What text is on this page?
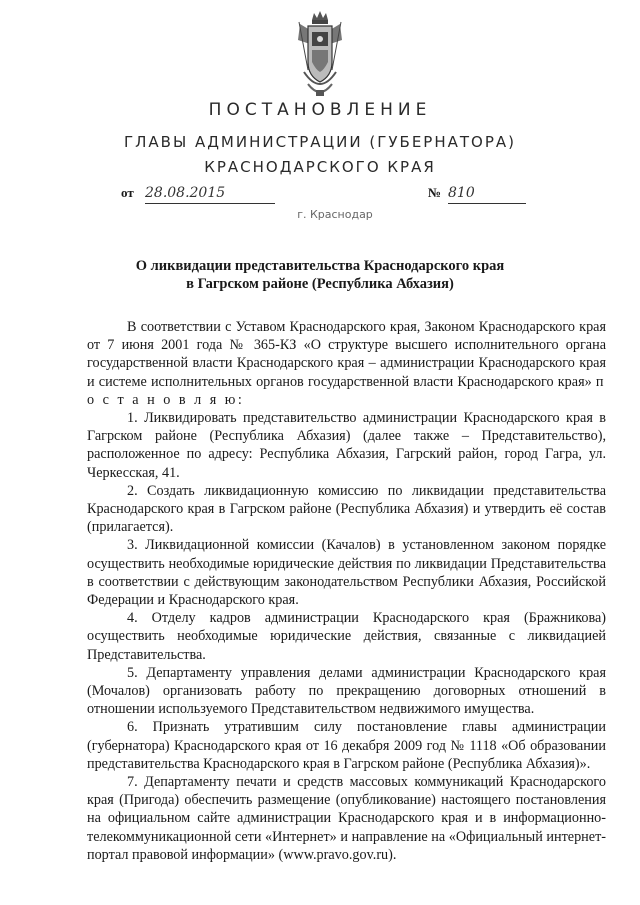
ПОСТАНОВЛЕНИЕ
ГЛАВЫ АДМИНИСТРАЦИИ (ГУБЕРНАТОРА)
КРАСНОДАРСКОГО КРАЯ
от 28.08.2015	№ 810
г. Краснодар
О ликвидации представительства Краснодарского края
в Гагрском районе (Республика Абхазия)

В соответствии с Уставом Краснодарского края, Законом Краснодарского края от 7 июня 2001 года № 365-КЗ «О структуре высшего исполнительного органа государственной власти Краснодарского края – администрации Краснодарского края и системе исполнительных органов государственной власти Краснодарского края» п о с т а н о в л я ю:

1. Ликвидировать представительство администрации Краснодарского края в Гагрском районе (Республика Абхазия) (далее также – Представительство), расположенное по адресу: Республика Абхазия, Гагрский район, город Гагра, ул. Черкесская, 41.

2. Создать ликвидационную комиссию по ликвидации представительства Краснодарского края в Гагрском районе (Республика Абхазия) и утвердить её состав (прилагается).

3. Ликвидационной комиссии (Качалов) в установленном законом порядке осуществить необходимые юридические действия по ликвидации Представительства в соответствии с действующим законодательством Республики Абхазия, Российской Федерации и Краснодарского края.

4. Отделу кадров администрации Краснодарского края (Бражникова) осуществить необходимые юридические действия, связанные с ликвидацией Представительства.

5. Департаменту управления делами администрации Краснодарского края (Мочалов) организовать работу по прекращению договорных отношений в отношении используемого Представительством недвижимого имущества.

6. Признать утратившим силу постановление главы администрации (губернатора) Краснодарского края от 16 декабря 2009 год № 1118 «Об образовании представительства Краснодарского края в Гагрском районе (Республика Абхазия)».

7. Департаменту печати и средств массовых коммуникаций Краснодарского края (Пригода) обеспечить размещение (опубликование) настоящего постановления на официальном сайте администрации Краснодарского края и в информационно-телекоммуникационной сети «Интернет» и направление на «Официальный интернет-портал правовой информации» (www.pravo.gov.ru).
